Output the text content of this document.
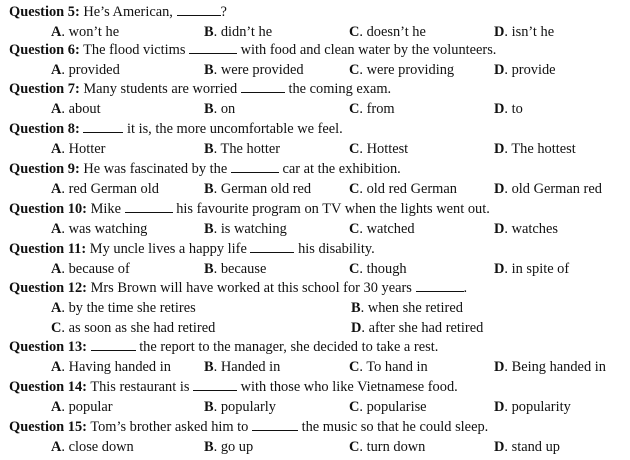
Question 5: He’s American,	?
A. won’t he	B. didn’t he	C. doesn’t he	D. isn’t he
Question 6: The flood victims	with food and clean water by the volunteers.
A. provided	B. were provided	C. were providing	D. provide
Question 7: Many students are worried	the coming exam.
A. about	B. on	C. from	D. to
Question 8:	it is, the more uncomfortable we feel.
A. Hotter	B. The hotter	C. Hottest	D. The hottest
Question 9: He was fascinated by the	car at the exhibition.
A. red German old	B. German old red	C. old red German	D. old German red
Question 10: Mike	his favourite program on TV when the lights went out.
A. was watching	B. is watching	C. watched	D. watches
Question 11: My uncle lives a happy life	his disability.
A. because of	B. because	C. though	D. in spite of
Question 12: Mrs Brown will have worked at this school for 30 years	.
A. by the time she retires	B. when she retired
C. as soon as she had retired	D. after she had retired
Question 13:	the report to the manager, she decided to take a rest.
A. Having handed in B. Handed in	C. To hand in	D. Being handed in
Question 14: This restaurant is	with those who like Vietnamese food.
A. popular	B. popularly	C. popularise	D. popularity
Question 15: Tom’s brother asked him to	the music so that he could sleep.
A. close down	B. go up	C. turn down	D. stand up
